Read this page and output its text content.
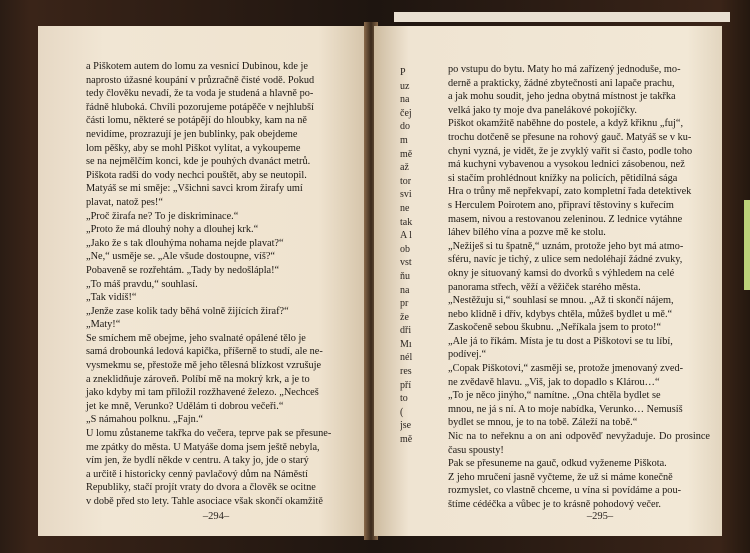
a Piškotem autem do lomu za vesnicí Dubinou, kde je

naprosto úžasné koupání v průzračně čisté vodě. Pokud

tedy člověku nevadí, že ta voda je studená a hlavně po-

řádně hluboká. Chvíli pozorujeme potápěče v nejhlubší

části lomu, některé se potápějí do hloubky, kam na ně

nevidíme, prozrazují je jen bublinky, pak obejdeme

lom pěšky, aby se mohl Piškot vylítat, a vykoupeme

se na nejmělčím konci, kde je pouhých dvanáct metrů.

Piškota radši do vody nechci pouštět, aby se neutopil.

Matyáš se mi směje: „Všichni savci krom žirafy umí

plavat, natož pes!“

„Proč žirafa ne? To je diskriminace.“

„Proto že má dlouhý nohy a dlouhej krk.“

„Jako že s tak dlouhýma nohama nejde plavat?“

„Ne,“ usměje se. „Ale všude dostoupne, víš?“

Pobaveně se rozřehtám. „Tady by nedošlápla!“

„To máš pravdu,“ souhlasí.

„Tak vidíš!“

„Jenže zase kolik tady běhá volně žijících žiraf?“

„Maty!“

Se smíchem mě obejme, jeho svalnaté opálené tělo je

samá drobounká ledová kapička, příšerně to studí, ale ne-

vysmekmu se, přestože mě jeho tělesná blízkost vzrušuje

a zneklidňuje zároveň. Políbí mě na mokrý krk, a je to

jako kdyby mi tam přiložil rozžhavené železo. „Nechceš

jet ke mně, Verunko? Udělám ti dobrou večeři.“

„S námahou polknu. „Fajn.“

U lomu zůstaneme takřka do večera, teprve pak se přesune-

me zpátky do města. U Matyáše doma jsem ještě nebyla,

vím jen, že bydlí někde v centru. A taky jo, jde o starý

a určitě i historicky cenný pavlačový dům na Náměstí

Republiky, stačí projít vraty do dvora a člověk se ocitne

v době před sto lety. Tahle asociace však skončí okamžitě

–294–
P
uz
na
čej
do
m
mě
až
tor
svi
ne
tak
A l
ob
vst
ňu
na
pr
že
dři
Mı
nél
res
pří
to
(
jse
mě

po vstupu do bytu. Maty ho má zařízený jednoduše, mo-

derně a prakticky, žádné zbytečnosti ani lapače prachu,

a jak mohu soudit, jeho jedna obytná místnost je takřka

velká jako ty moje dva panelákové pokojíčky.

Piškot okamžitě naběhne do postele, a když křiknu „fuj“,

trochu dotčeně se přesune na rohový gauč. Matyáš se v ku-

chyni vyzná, je vidět, že je zvyklý vařit si často, podle toho

má kuchyni vybavenou a vysokou lednici zásobenou, než

si stačím prohlédnout knížky na policích, pětidílná sága

Hra o trůny mě nepřekvapí, zato kompletní řada detektivek

s Herculem Poirotem ano, připraví těstoviny s kuřecím

masem, nivou a restovanou zeleninou. Z lednice vytáhne

láhev bílého vína a pozve mě ke stolu.

„Nežiješ si tu špatně,“ uznám, protože jeho byt má atmo-

sféru, navíc je tichý, z ulice sem nedoléhají žádné zvuky,

okny je situovaný kamsi do dvorků s výhledem na celé

panorama střech, věží a věžiček starého města.

„Nestěžuju si,“ souhlasí se mnou. „Až ti skončí nájem,

nebo klidně i dřív, kdybys chtěla, můžeš bydlet u mě.“

Zaskočeně sebou škubnu. „Neříkala jsem to proto!“

„Ale já to říkám. Místa je tu dost a Piškotovi se tu líbí,

podívej.“

„Copak Piškotovi,“ zasměji se, protože jmenovaný zved-

ne zvědavě hlavu. „Viš, jak to dopadlo s Klárou…“

„To je něco jinýho,“ namítne. „Ona chtěla bydlet se

mnou, ne já s ní. A to moje nabídka, Verunko… Nemusíš

bydlet se mnou, je to na tobě. Záleží na tobě.“

Nic na to neřeknu a on ani odpověď nevyžaduje. Do prosince času spousty!

Pak se přesuneme na gauč, odkud vyženeme Piškota.

Z jeho mručení jasně vyčteme, že už si máme konečně

rozmyslet, co vlastně chceme, u vína si povídáme a pou-

štíme cédéčka a vůbec je to krásně pohodový večer.

–295–
